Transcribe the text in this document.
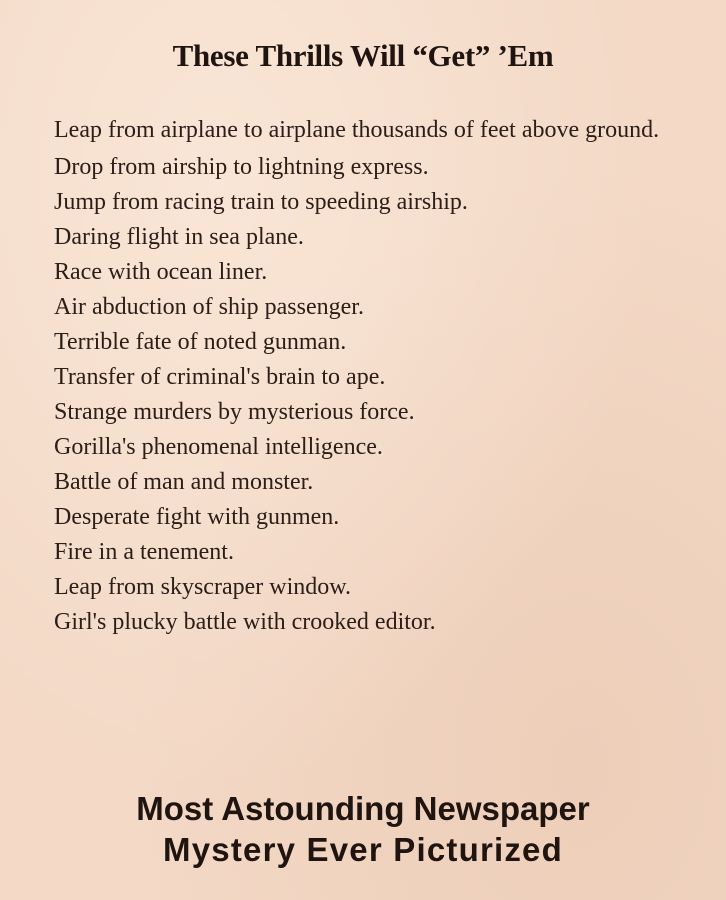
These Thrills Will “Get” ’Em
Leap from airplane to airplane thousands of feet above ground.
Drop from airship to lightning express.
Jump from racing train to speeding airship.
Daring flight in sea plane.
Race with ocean liner.
Air abduction of ship passenger.
Terrible fate of noted gunman.
Transfer of criminal's brain to ape.
Strange murders by mysterious force.
Gorilla's phenomenal intelligence.
Battle of man and monster.
Desperate fight with gunmen.
Fire in a tenement.
Leap from skyscraper window.
Girl's plucky battle with crooked editor.
Most Astounding Newspaper
Mystery Ever Picturized
